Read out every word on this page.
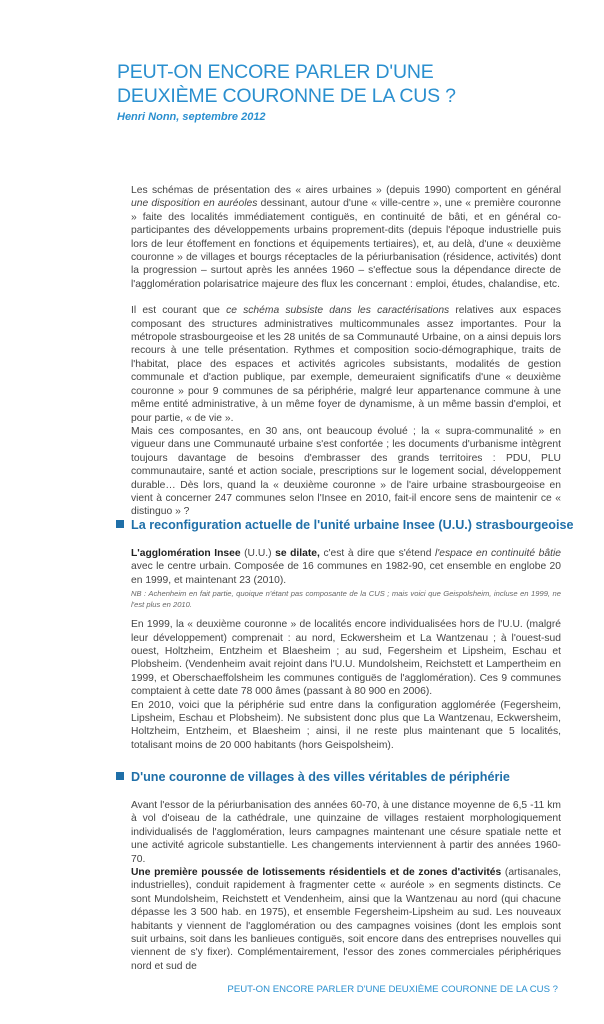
PEUT-ON ENCORE PARLER D'UNE
DEUXIÈME COURONNE DE LA CUS ?
Henri Nonn, septembre 2012

Les schémas de présentation des « aires urbaines » (depuis 1990) comportent en général une disposition en auréoles dessinant, autour d'une « ville-centre », une « première couronne » faite des localités immédiatement contiguës, en continuité de bâti, et en général co-participantes des développements urbains proprement-dits (depuis l'époque industrielle puis lors de leur étoffement en fonctions et équipements tertiaires), et, au delà, d'une « deuxième couronne » de villages et bourgs réceptacles de la périurbanisation (résidence, activités) dont la progression – surtout après les années 1960 – s'effectue sous la dépendance directe de l'agglomération polarisatrice majeure des flux les concernant : emploi, études, chalandise, etc.

Il est courant que ce schéma subsiste dans les caractérisations relatives aux espaces composant des structures administratives multicommunales assez importantes. Pour la métropole strasbourgeoise et les 28 unités de sa Communauté Urbaine, on a ainsi depuis lors recours à une telle présentation. Rythmes et composition socio-démographique, traits de l'habitat, place des espaces et activités agricoles subsistants, modalités de gestion communale et d'action publique, par exemple, demeuraient significatifs d'une « deuxième couronne » pour 9 communes de sa périphérie, malgré leur appartenance commune à une même entité administrative, à un même foyer de dynamisme, à un même bassin d'emploi, et pour partie, « de vie ».

Mais ces composantes, en 30 ans, ont beaucoup évolué ; la « supra-communalité » en vigueur dans une Communauté urbaine s'est confortée ; les documents d'urbanisme intègrent toujours davantage de besoins d'embrasser des grands territoires : PDU, PLU communautaire, santé et action sociale, prescriptions sur le logement social, développement durable… Dès lors, quand la « deuxième couronne » de l'aire urbaine strasbourgeoise en vient à concerner 247 communes selon l'Insee en 2010, fait-il encore sens de maintenir ce « distinguo » ?

La reconfiguration actuelle de l'unité urbaine Insee (U.U.) strasbourgeoise

L'agglomération Insee (U.U.) se dilate, c'est à dire que s'étend l'espace en continuité bâtie avec le centre urbain. Composée de 16 communes en 1982-90, cet ensemble en englobe 20 en 1999, et maintenant 23 (2010).

NB : Achenheim en fait partie, quoique n'étant pas composante de la CUS ; mais voici que Geispolsheim, incluse en 1999, ne l'est plus en 2010.

En 1999, la « deuxième couronne » de localités encore individualisées hors de l'U.U. (malgré leur développement) comprenait : au nord, Eckwersheim et La Wantzenau ; à l'ouest-sud ouest, Holtzheim, Entzheim et Blaesheim ; au sud, Fegersheim et Lipsheim, Eschau et Plobsheim. (Vendenheim avait rejoint dans l'U.U. Mundolsheim, Reichstett et Lampertheim en 1999, et Oberschaeffolsheim les communes contiguës de l'agglomération). Ces 9 communes comptaient à cette date 78 000 âmes (passant à 80 900 en 2006).

En 2010, voici que la périphérie sud entre dans la configuration agglomérée (Fegersheim, Lipsheim, Eschau et Plobsheim). Ne subsistent donc plus que La Wantzenau, Eckwersheim, Holtzheim, Entzheim, et Blaesheim ; ainsi, il ne reste plus maintenant que 5 localités, totalisant moins de 20 000 habitants (hors Geispolsheim).

D'une couronne de villages à des villes véritables de périphérie

Avant l'essor de la périurbanisation des années 60-70, à une distance moyenne de 6,5 -11 km à vol d'oiseau de la cathédrale, une quinzaine de villages restaient morphologiquement individualisés de l'agglomération, leurs campagnes maintenant une césure spatiale nette et une activité agricole substantielle. Les changements interviennent à partir des années 1960-70.

Une première poussée de lotissements résidentiels et de zones d'activités (artisanales, industrielles), conduit rapidement à fragmenter cette « auréole » en segments distincts. Ce sont Mundolsheim, Reichstett et Vendenheim, ainsi que la Wantzenau au nord (qui chacune dépasse les 3 500 hab. en 1975), et ensemble Fegersheim-Lipsheim au sud. Les nouveaux habitants y viennent de l'agglomération ou des campagnes voisines (dont les emplois sont suit urbains, soit dans les banlieues contiguës, soit encore dans des entreprises nouvelles qui viennent de s'y fixer). Complémentairement, l'essor des zones commerciales périphériques nord et sud de

PEUT-ON ENCORE PARLER D'UNE DEUXIÈME COURONNE DE LA CUS ?
